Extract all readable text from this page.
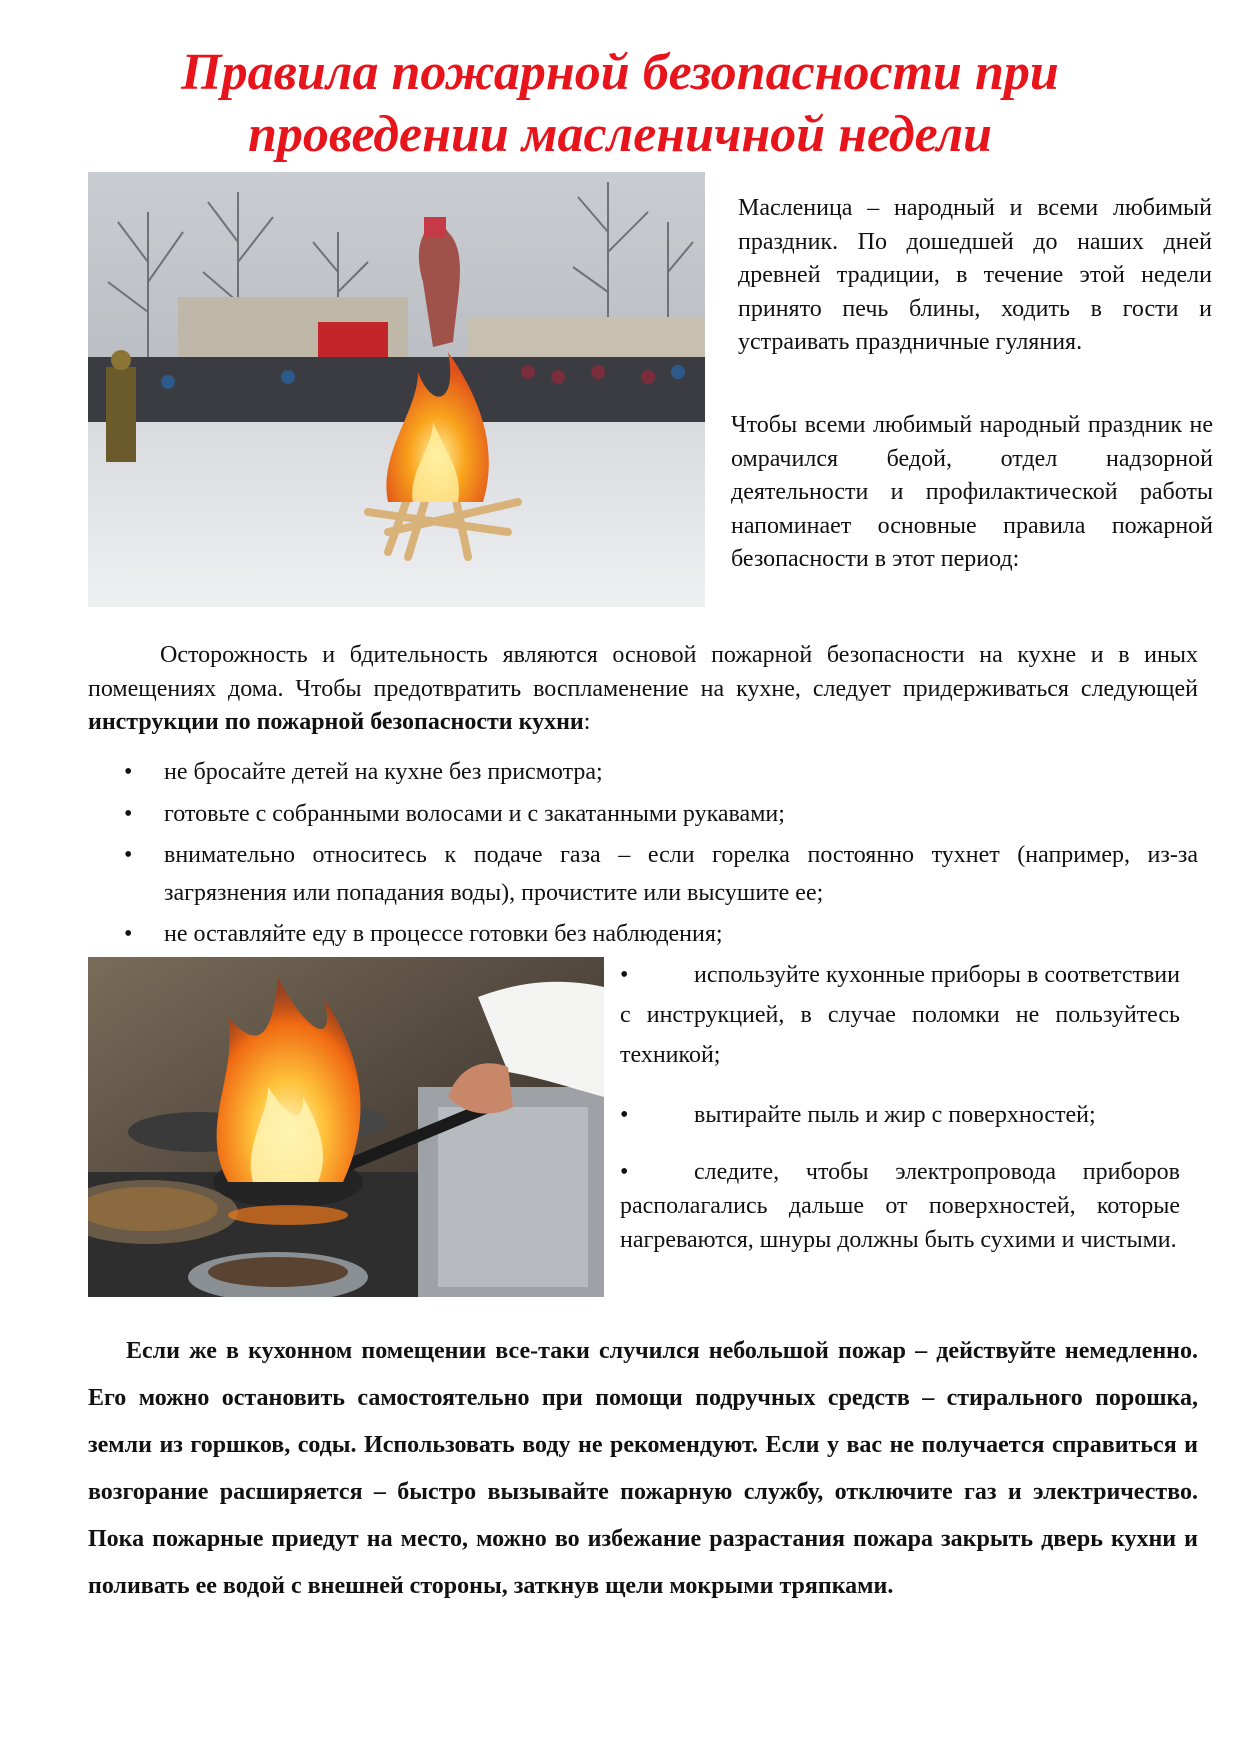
Правила пожарной безопасности при проведении масленичной недели

Масленица – народный и всеми любимый праздник. По дошедшей до наших дней древней традиции, в течение этой недели принято печь блины, ходить в гости и устраивать праздничные гуляния.

Чтобы всеми любимый народный праздник не омрачился бедой, отдел надзорной деятельности и профилактической работы напоминает основные правила пожарной безопасности в этот период:

Осторожность и бдительность являются основой пожарной безопасности на кухне и в иных помещениях дома. Чтобы предотвратить воспламенение на кухне, следует придерживаться следующей инструкции по пожарной безопасности кухни:

• не бросайте детей на кухне без присмотра;
• готовьте с собранными волосами и с закатанными рукавами;
• внимательно относитесь к подаче газа – если горелка постоянно тухнет (например, из-за загрязнения или попадания воды), прочистите или высушите ее;
• не оставляйте еду в процессе готовки без наблюдения;

•	используйте кухонные приборы в соответствии с инструкцией, в случае поломки не пользуйтесь техникой;

•	вытирайте пыль и жир с поверхностей;

•	следите, чтобы электропровода приборов располагались дальше от поверхностей, которые нагреваются, шнуры должны быть сухими и чистыми.

Если же в кухонном помещении все-таки случился небольшой пожар – действуйте немедленно. Его можно остановить самостоятельно при помощи подручных средств – стирального порошка, земли из горшков, соды. Использовать воду не рекомендуют. Если у вас не получается справиться и возгорание расширяется – быстро вызывайте пожарную службу, отключите газ и электричество. Пока пожарные приедут на место, можно во избежание разрастания пожара закрыть дверь кухни и поливать ее водой с внешней стороны, заткнув щели мокрыми тряпками.
